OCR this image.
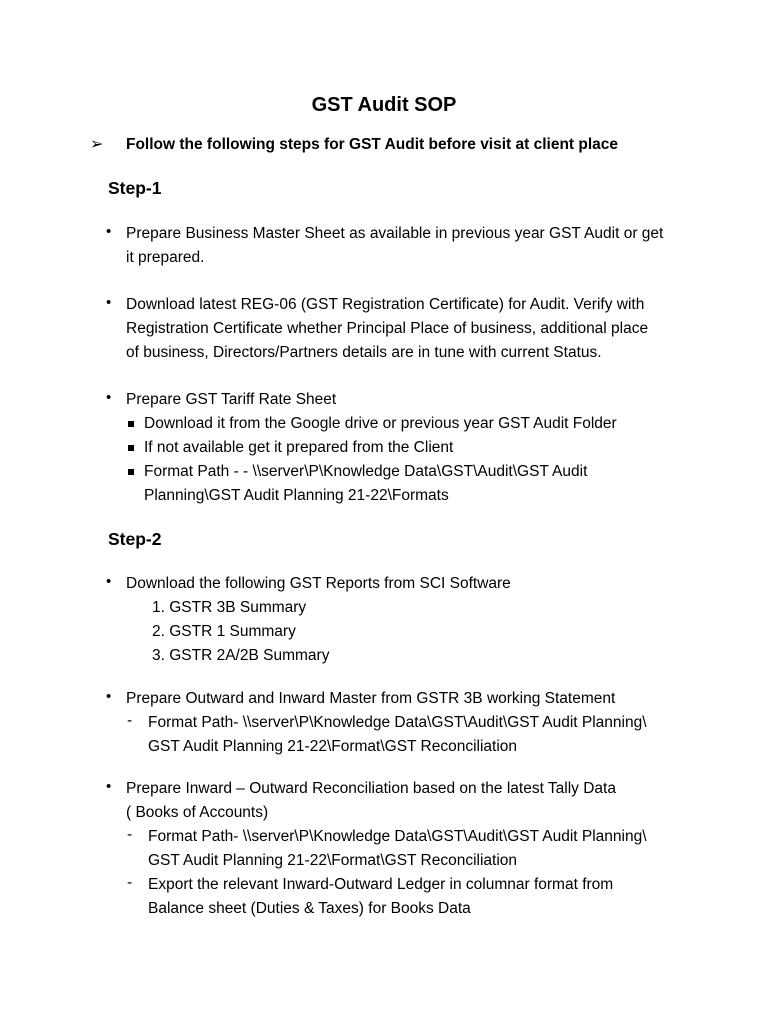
GST Audit SOP
➢ Follow the following steps for GST Audit before visit at client place
Step-1
• Prepare Business Master Sheet as available in previous year GST Audit or get
it prepared.
• Download latest REG-06 (GST Registration Certificate) for Audit. Verify with
Registration Certificate whether Principal Place of business, additional place
of business, Directors/Partners details are in tune with current Status.
• Prepare GST Tariff Rate Sheet
Download it from the Google drive or previous year GST Audit Folder
If not available get it prepared from the Client
Format Path - - \\server\P\Knowledge Data\GST\Audit\GST Audit
Planning\GST Audit Planning 21-22\Formats
Step-2
• Download the following GST Reports from SCI Software
1. GSTR 3B Summary
2. GSTR 1 Summary
3. GSTR 2A/2B Summary
• Prepare Outward and Inward Master from GSTR 3B working Statement
- Format Path- \\server\P\Knowledge Data\GST\Audit\GST Audit Planning\
GST Audit Planning 21-22\Format\GST Reconciliation
• Prepare Inward – Outward Reconciliation based on the latest Tally Data
( Books of Accounts)
- Format Path- \\server\P\Knowledge Data\GST\Audit\GST Audit Planning\
GST Audit Planning 21-22\Format\GST Reconciliation
- Export the relevant Inward-Outward Ledger in columnar format from
Balance sheet (Duties & Taxes) for Books Data
